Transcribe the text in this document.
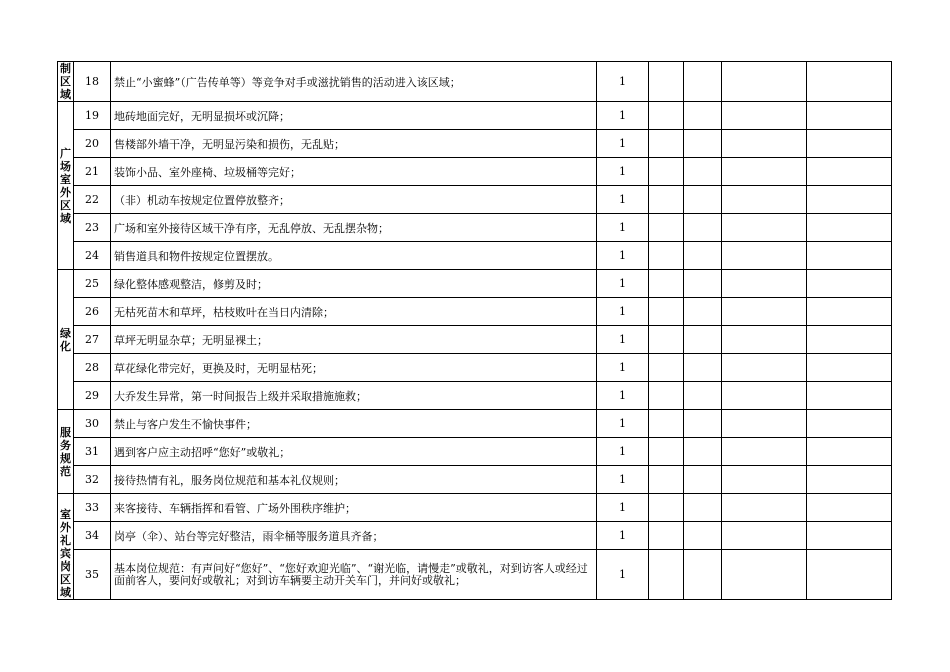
制区域	18	禁止“小蜜蜂”（广告传单等）等竞争对手或滋扰销售的活动进入该区域；	1				

广场室外区域	19	地砖地面完好，无明显损坏或沉降；	1				
	20	售楼部外墙干净，无明显污染和损伤，无乱贴；	1				
	21	装饰小品、室外座椅、垃圾桶等完好；	1				
	22	（非）机动车按规定位置停放整齐；	1				
	23	广场和室外接待区域干净有序，无乱停放、无乱摆杂物；	1				
	24	销售道具和物件按规定位置摆放。	1				

绿化	25	绿化整体感观整洁，修剪及时；	1				
	26	无枯死苗木和草坪，枯枝败叶在当日内清除；	1				
	27	草坪无明显杂草；无明显裸土；	1				
	28	草花绿化带完好，更换及时，无明显枯死；	1				
	29	大乔发生异常，第一时间报告上级并采取措施施救；	1				

服务规范	30	禁止与客户发生不愉快事件；	1				
	31	遇到客户应主动招呼“您好”或敬礼；	1				
	32	接待热情有礼，服务岗位规范和基本礼仪规则；	1				

室外礼宾岗区域	33	来客接待、车辆指挥和看管、广场外围秩序维护；	1				
	34	岗亭（伞）、站台等完好整洁，雨伞桶等服务道具齐备；	1				
	35	基本岗位规范：有声问好“您好”、“您好欢迎光临”、“谢光临，请慢走”或敬礼，对到访客人或经过面前客人，要问好或敬礼；对到访车辆要主动开关车门，并问好或敬礼；	1				
